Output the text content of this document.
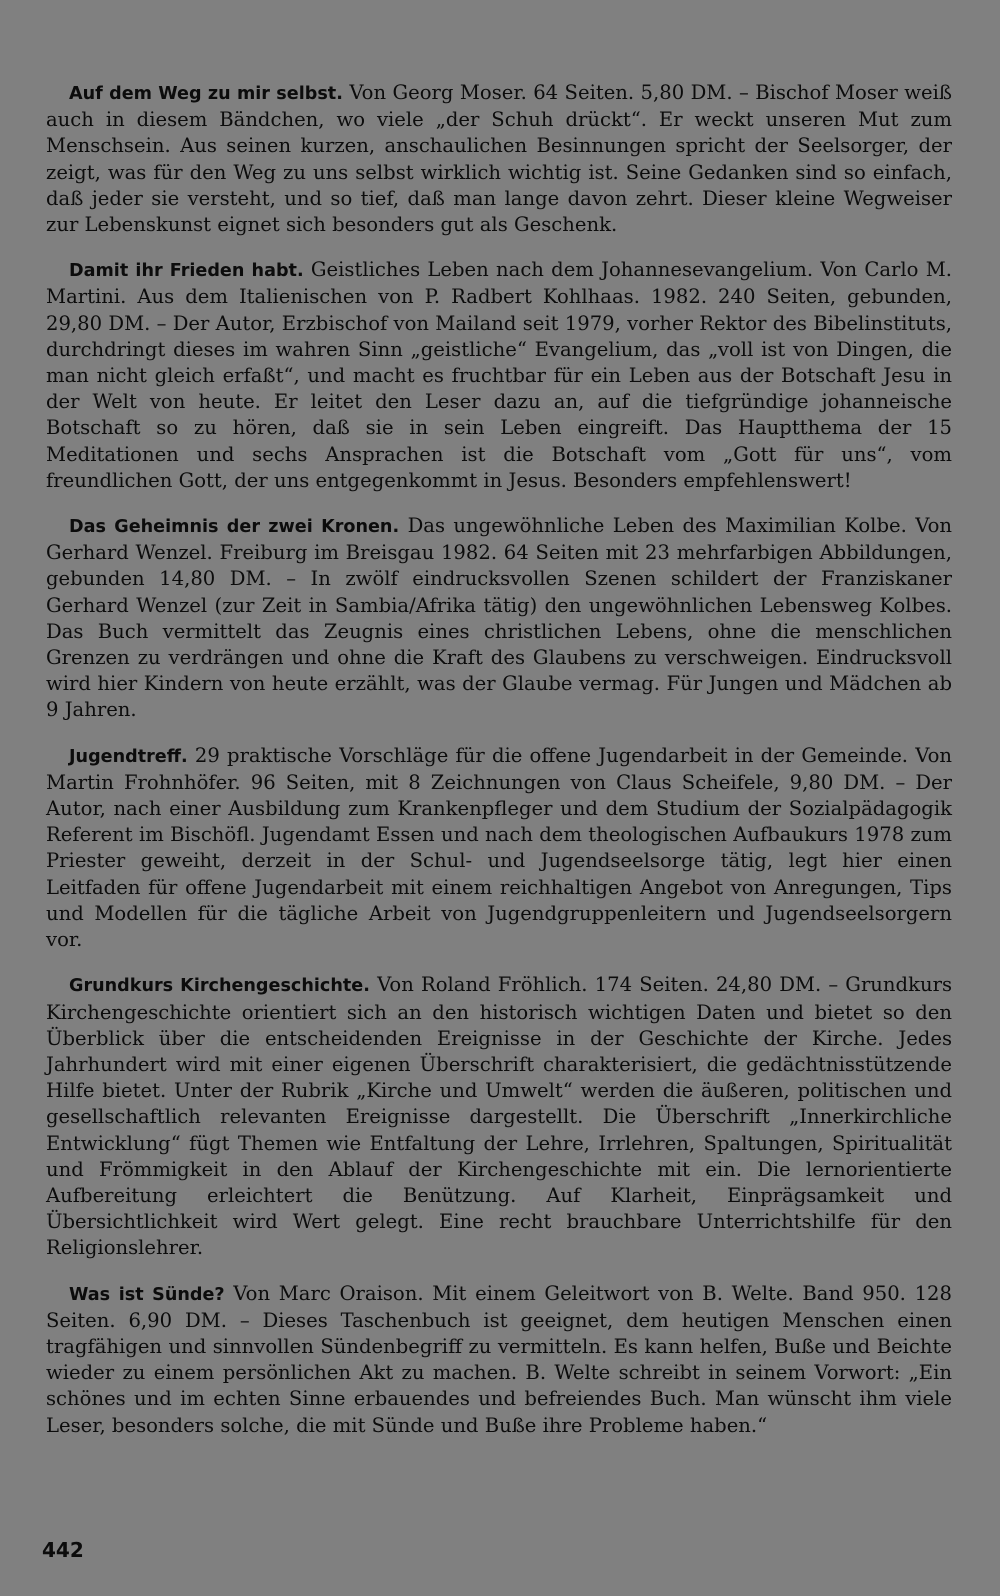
Auf dem Weg zu mir selbst. Von Georg Moser. 64 Seiten. 5,80 DM. – Bischof Moser weiß auch in diesem Bändchen, wo viele „der Schuh drückt“. Er weckt unseren Mut zum Menschsein. Aus seinen kurzen, anschaulichen Besinnungen spricht der Seelsorger, der zeigt, was für den Weg zu uns selbst wirklich wichtig ist. Seine Gedanken sind so einfach, daß jeder sie versteht, und so tief, daß man lange davon zehrt. Dieser kleine Wegweiser zur Lebenskunst eignet sich besonders gut als Geschenk.

Damit ihr Frieden habt. Geistliches Leben nach dem Johannesevangelium. Von Carlo M. Martini. Aus dem Italienischen von P. Radbert Kohlhaas. 1982. 240 Seiten, gebunden, 29,80 DM. – Der Autor, Erzbischof von Mailand seit 1979, vorher Rektor des Bibelinstituts, durchdringt dieses im wahren Sinn „geistliche“ Evangelium, das „voll ist von Dingen, die man nicht gleich erfaßt“, und macht es fruchtbar für ein Leben aus der Botschaft Jesu in der Welt von heute. Er leitet den Leser dazu an, auf die tiefgründige johanneische Botschaft so zu hören, daß sie in sein Leben eingreift. Das Hauptthema der 15 Meditationen und sechs Ansprachen ist die Botschaft vom „Gott für uns“, vom freundlichen Gott, der uns entgegenkommt in Jesus. Besonders empfehlenswert!

Das Geheimnis der zwei Kronen. Das ungewöhnliche Leben des Maximilian Kolbe. Von Gerhard Wenzel. Freiburg im Breisgau 1982. 64 Seiten mit 23 mehrfarbigen Abbildungen, gebunden 14,80 DM. – In zwölf eindrucksvollen Szenen schildert der Franziskaner Gerhard Wenzel (zur Zeit in Sambia/Afrika tätig) den ungewöhnlichen Lebensweg Kolbes. Das Buch vermittelt das Zeugnis eines christlichen Lebens, ohne die menschlichen Grenzen zu verdrängen und ohne die Kraft des Glaubens zu verschweigen. Eindrucksvoll wird hier Kindern von heute erzählt, was der Glaube vermag. Für Jungen und Mädchen ab 9 Jahren.

Jugendtreff. 29 praktische Vorschläge für die offene Jugendarbeit in der Gemeinde. Von Martin Frohnhöfer. 96 Seiten, mit 8 Zeichnungen von Claus Scheifele, 9,80 DM. – Der Autor, nach einer Ausbildung zum Krankenpfleger und dem Studium der Sozialpädagogik Referent im Bischöfl. Jugendamt Essen und nach dem theologischen Aufbaukurs 1978 zum Priester geweiht, derzeit in der Schul- und Jugendseelsorge tätig, legt hier einen Leitfaden für offene Jugendarbeit mit einem reichhaltigen Angebot von Anregungen, Tips und Modellen für die tägliche Arbeit von Jugendgruppenleitern und Jugendseelsorgern vor.

Grundkurs Kirchengeschichte. Von Roland Fröhlich. 174 Seiten. 24,80 DM. – Grundkurs Kirchengeschichte orientiert sich an den historisch wichtigen Daten und bietet so den Überblick über die entscheidenden Ereignisse in der Geschichte der Kirche. Jedes Jahrhundert wird mit einer eigenen Überschrift charakterisiert, die gedächtnisstützende Hilfe bietet. Unter der Rubrik „Kirche und Umwelt“ werden die äußeren, politischen und gesellschaftlich relevanten Ereignisse dargestellt. Die Überschrift „Innerkirchliche Entwicklung“ fügt Themen wie Entfaltung der Lehre, Irrlehren, Spaltungen, Spiritualität und Frömmigkeit in den Ablauf der Kirchengeschichte mit ein. Die lernorientierte Aufbereitung erleichtert die Benützung. Auf Klarheit, Einprägsamkeit und Übersichtlichkeit wird Wert gelegt. Eine recht brauchbare Unterrichtshilfe für den Religionslehrer.

Was ist Sünde? Von Marc Oraison. Mit einem Geleitwort von B. Welte. Band 950. 128 Seiten. 6,90 DM. – Dieses Taschenbuch ist geeignet, dem heutigen Menschen einen tragfähigen und sinnvollen Sündenbegriff zu vermitteln. Es kann helfen, Buße und Beichte wieder zu einem persönlichen Akt zu machen. B. Welte schreibt in seinem Vorwort: „Ein schönes und im echten Sinne erbauendes und befreiendes Buch. Man wünscht ihm viele Leser, besonders solche, die mit Sünde und Buße ihre Probleme haben.“

442
